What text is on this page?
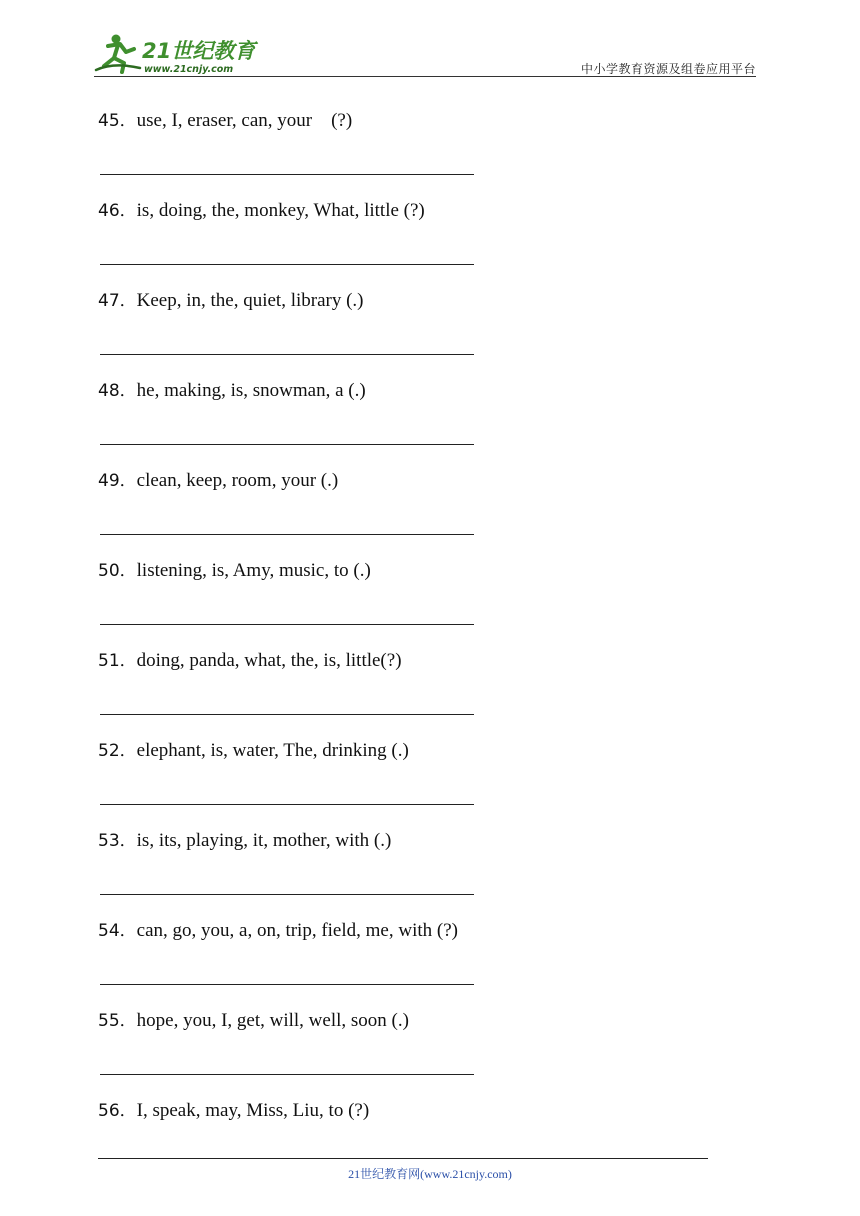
21世纪教育
www.21cnjy.com	中小学教育资源及组卷应用平台
45．use, I, eraser, can, your    (?)
46．is, doing, the, monkey, What, little (?)
47．Keep, in, the, quiet, library (.)
48．he, making, is, snowman, a (.)
49．clean, keep, room, your (.)
50．listening, is, Amy, music, to (.)
51．doing, panda, what, the, is, little(?)
52．elephant, is, water, The, drinking (.)
53．is, its, playing, it, mother, with (.)
54．can, go, you, a, on, trip, field, me, with (?)
55．hope, you, I, get, will, well, soon (.)
56．I, speak, may, Miss, Liu, to (?)
21世纪教育网(www.21cnjy.com)
